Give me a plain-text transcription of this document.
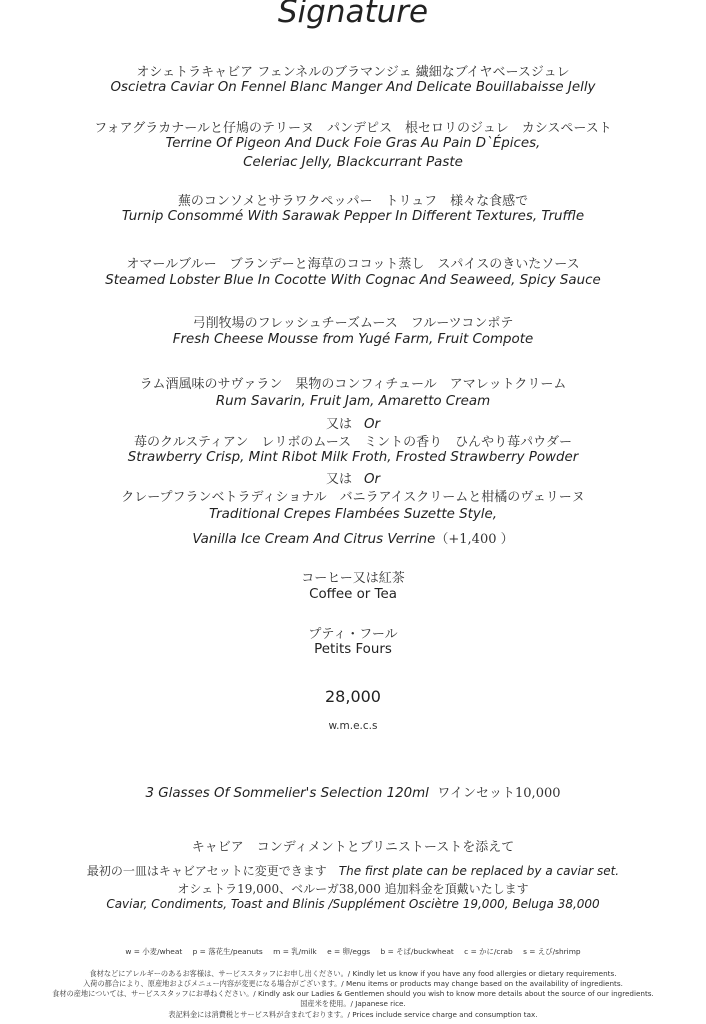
Signature
オシェトラキャビア フェンネルのブラマンジェ 繊細なブイヤベースジュレ
Oscietra Caviar On Fennel Blanc Manger And Delicate Bouillabaisse Jelly
フォアグラカナールと仔鳩のテリーヌ　パンデピス　根セロリのジュレ　カシスペースト
Terrine Of Pigeon And Duck Foie Gras Au Pain D`Épices,
Celeriac Jelly, Blackcurrant Paste
蕪のコンソメとサラワクペッパー　トリュフ　様々な食感で
Turnip Consommé With Sarawak Pepper In Different Textures, Truffle
オマールブルー　ブランデーと海草のココット蒸し　スパイスのきいたソース
Steamed Lobster Blue In Cocotte With Cognac And Seaweed, Spicy Sauce
弓削牧場のフレッシュチーズムース　フルーツコンポテ
Fresh Cheese Mousse from Yugé Farm, Fruit Compote
ラム酒風味のサヴァラン　果物のコンフィチュール　アマレットクリーム
Rum Savarin, Fruit Jam, Amaretto Cream
又は Or
苺のクルスティアン　レリボのムース　ミントの香り　ひんやり苺パウダー
Strawberry Crisp, Mint Ribot Milk Froth, Frosted Strawberry Powder
又は Or
クレープフランベトラディショナル　バニラアイスクリームと柑橘のヴェリーヌ
Traditional Crepes Flambées Suzette Style,
Vanilla Ice Cream And Citrus Verrine（+1,400 ）
コーヒー又は紅茶
Coffee or Tea
プティ・フール
Petits Fours
28,000
w.m.e.c.s
3 Glasses Of Sommelier's Selection 120ml ワインセット10,000
キャビア　コンディメントとブリニストーストを添えて
最初の一皿はキャビアセットに変更できます The first plate can be replaced by a caviar set.
オシェトラ19,000、ベルーガ38,000 追加料金を頂戴いたします
Caviar, Condiments, Toast and Blinis /Supplément Osciètre 19,000, Beluga 38,000
w = 小麦/wheat p = 落花生/peanuts m = 乳/milk e = 卵/eggs b = そば/buckwheat c = かに/crab s = えび/shrimp
食材などにアレルギーのあるお客様は、サービススタッフにお申し出ください。/ Kindly let us know if you have any food allergies or dietary requirements.
入荷の都合により、原産地およびメニュー内容が変更になる場合がございます。/ Menu items or products may change based on the availability of ingredients.
食材の産地については、サービススタッフにお尋ねください。/ Kindly ask our Ladies & Gentlemen should you wish to know more details about the source of our ingredients.
国産米を使用。/ Japanese rice.
表記料金には消費税とサービス料が含まれております。/ Prices include service charge and consumption tax.
